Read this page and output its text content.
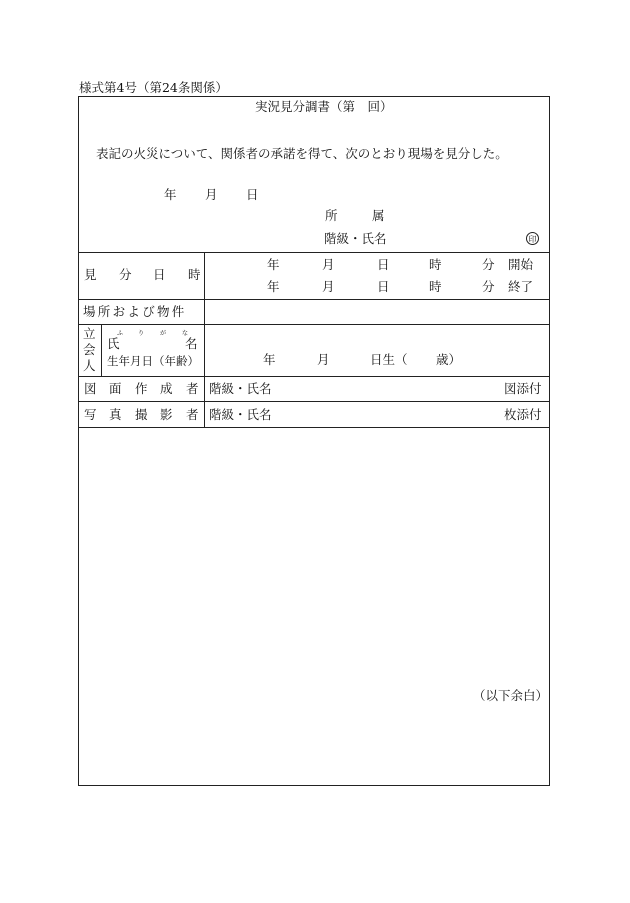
様式第4号（第24条関係）
実況見分調書（第　回）
表記の火災について、関係者の承諾を得て、次のとおり現場を見分した。
年 月 日
所	属
階級・氏名	印
見 分 日 時
年	月	日	時	分 開始
年	月	日	時	分 終了
場所および物件
立
会
人
ふ り	が	な
氏	名
生年月日（年齢）	年	月	日生（ 歳）
図 面 作 成 者 階級・氏名	図添付
写 真 撮 影 者 階級・氏名	枚添付
（以下余白）
